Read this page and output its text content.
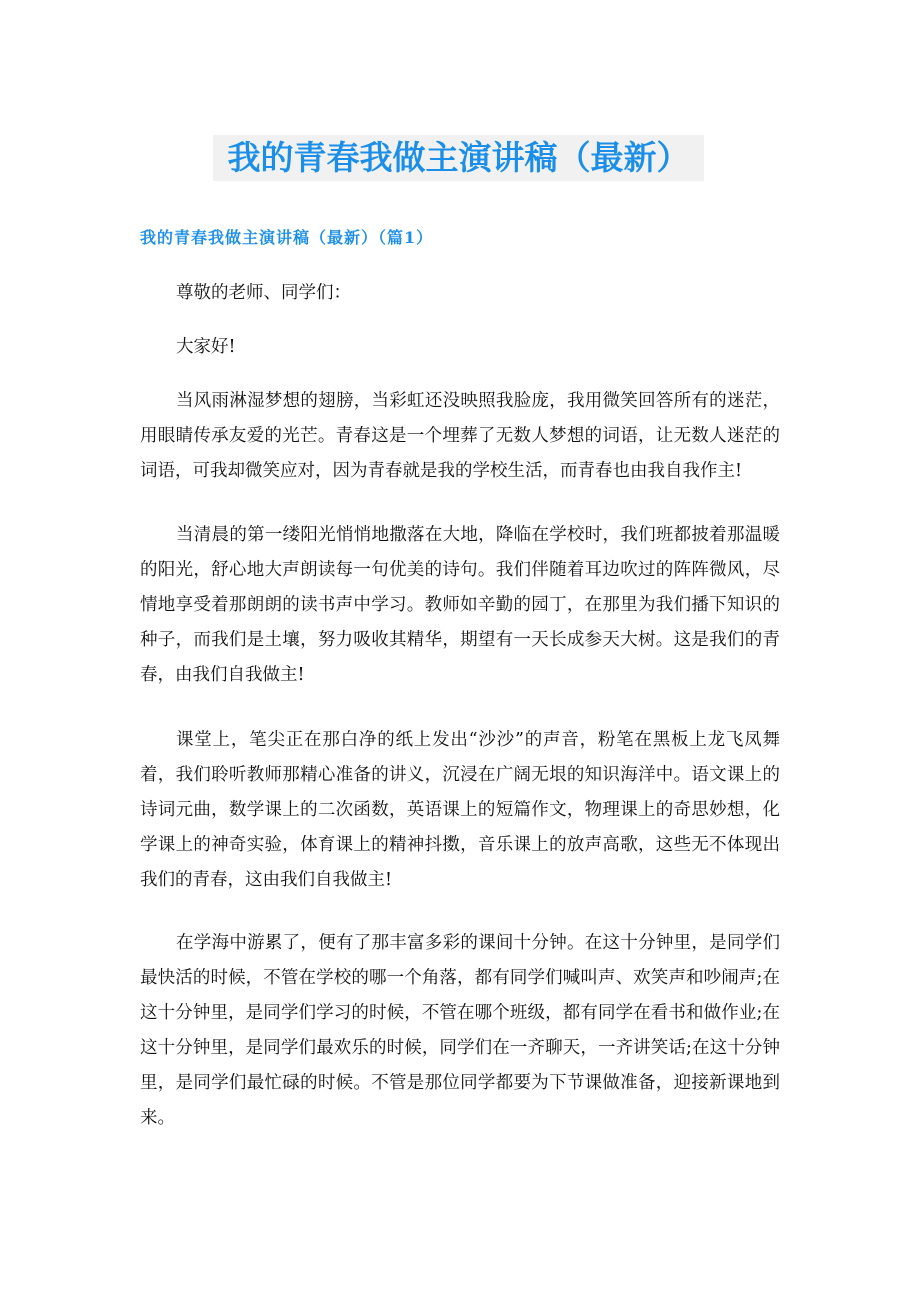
我的青春我做主演讲稿（最新）
我的青春我做主演讲稿（最新）（篇1）

尊敬的老师、同学们：

大家好!

当风雨淋湿梦想的翅膀，当彩虹还没映照我脸庞，我用微笑回答所有的迷茫，用眼睛传承友爱的光芒。青春这是一个埋葬了无数人梦想的词语，让无数人迷茫的词语，可我却微笑应对，因为青春就是我的学校生活，而青春也由我自我作主!

当清晨的第一缕阳光悄悄地撒落在大地，降临在学校时，我们班都披着那温暖的阳光，舒心地大声朗读每一句优美的诗句。我们伴随着耳边吹过的阵阵微风，尽情地享受着那朗朗的读书声中学习。教师如辛勤的园丁，在那里为我们播下知识的种子，而我们是土壤，努力吸收其精华，期望有一天长成参天大树。这是我们的青春，由我们自我做主!

课堂上，笔尖正在那白净的纸上发出“沙沙”的声音，粉笔在黑板上龙飞凤舞着，我们聆听教师那精心准备的讲义，沉浸在广阔无垠的知识海洋中。语文课上的诗词元曲，数学课上的二次函数，英语课上的短篇作文，物理课上的奇思妙想，化学课上的神奇实验，体育课上的精神抖擞，音乐课上的放声高歌，这些无不体现出我们的青春，这由我们自我做主!

在学海中游累了，便有了那丰富多彩的课间十分钟。在这十分钟里，是同学们最快活的时候，不管在学校的哪一个角落，都有同学们喊叫声、欢笑声和吵闹声;在这十分钟里，是同学们学习的时候，不管在哪个班级，都有同学在看书和做作业;在这十分钟里，是同学们最欢乐的时候，同学们在一齐聊天，一齐讲笑话;在这十分钟里，是同学们最忙碌的时候。不管是那位同学都要为下节课做准备，迎接新课地到来。
